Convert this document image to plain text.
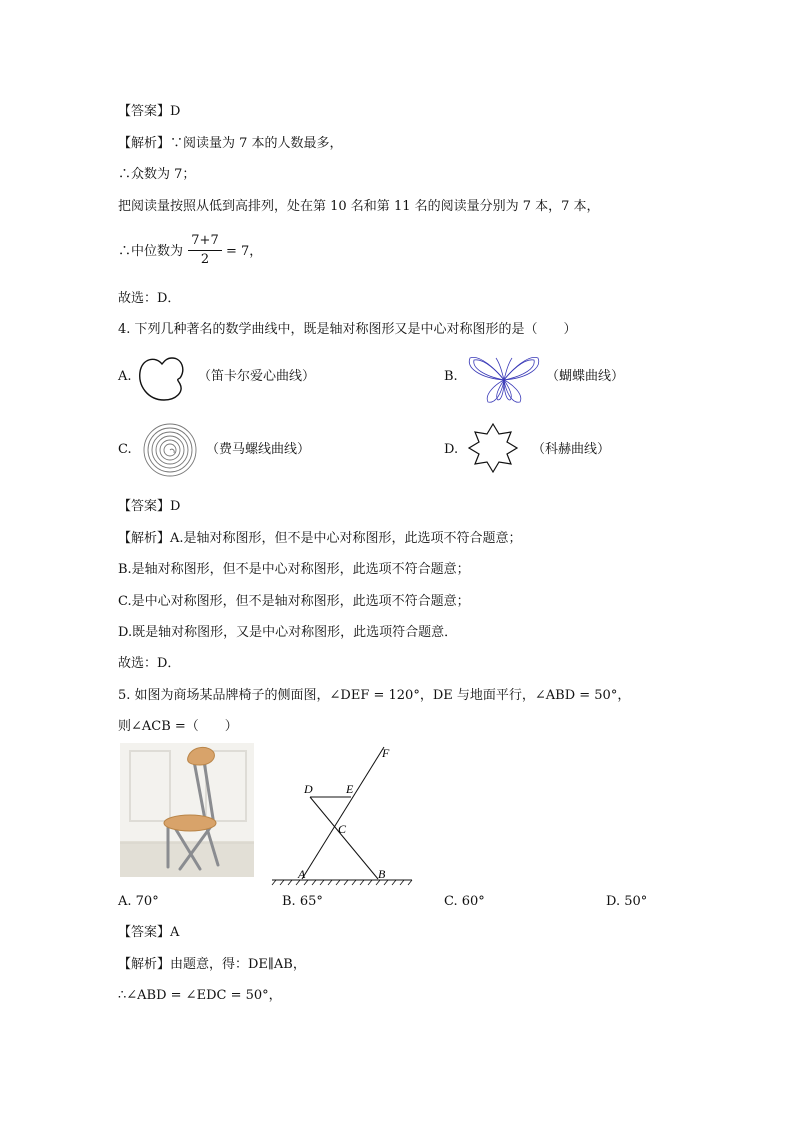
【答案】D
【解析】∵阅读量为 7 本的人数最多，
∴众数为 7；
把阅读量按照从低到高排列，处在第 10 名和第 11 名的阅读量分别为 7 本，7 本，
∴中位数为 $\frac{7+7}{2} = 7$，
故选：D．
4. 下列几种著名的数学曲线中，既是轴对称图形又是中心对称图形的是（　　）
A.	（笛卡尔爱心曲线）	B.	（蝴蝶曲线）
C.	（费马螺线曲线）	D.	（科赫曲线）
【答案】D
【解析】A.是轴对称图形，但不是中心对称图形，此选项不符合题意；
B.是轴对称图形，但不是中心对称图形，此选项不符合题意；
C.是中心对称图形，但不是轴对称图形，此选项不符合题意；
D.既是轴对称图形，又是中心对称图形，此选项符合题意．
故选：D．
5. 如图为商场某品牌椅子的侧面图，∠DEF = 120°，DE 与地面平行，∠ABD = 50°，
则∠ACB =（　　）
D	E
F
C
A	B
A. 70°	B. 65°	C. 60°	D. 50°
【答案】A
【解析】由题意，得：DE∥AB，
∴∠ABD = ∠EDC = 50°，
